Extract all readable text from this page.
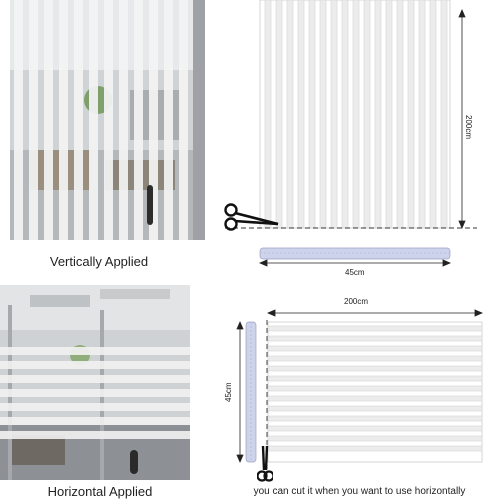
Vertically Applied
200cm
45cm
Horizontal Applied
200cm
45cm
you can cut it when you want to use horizontally
